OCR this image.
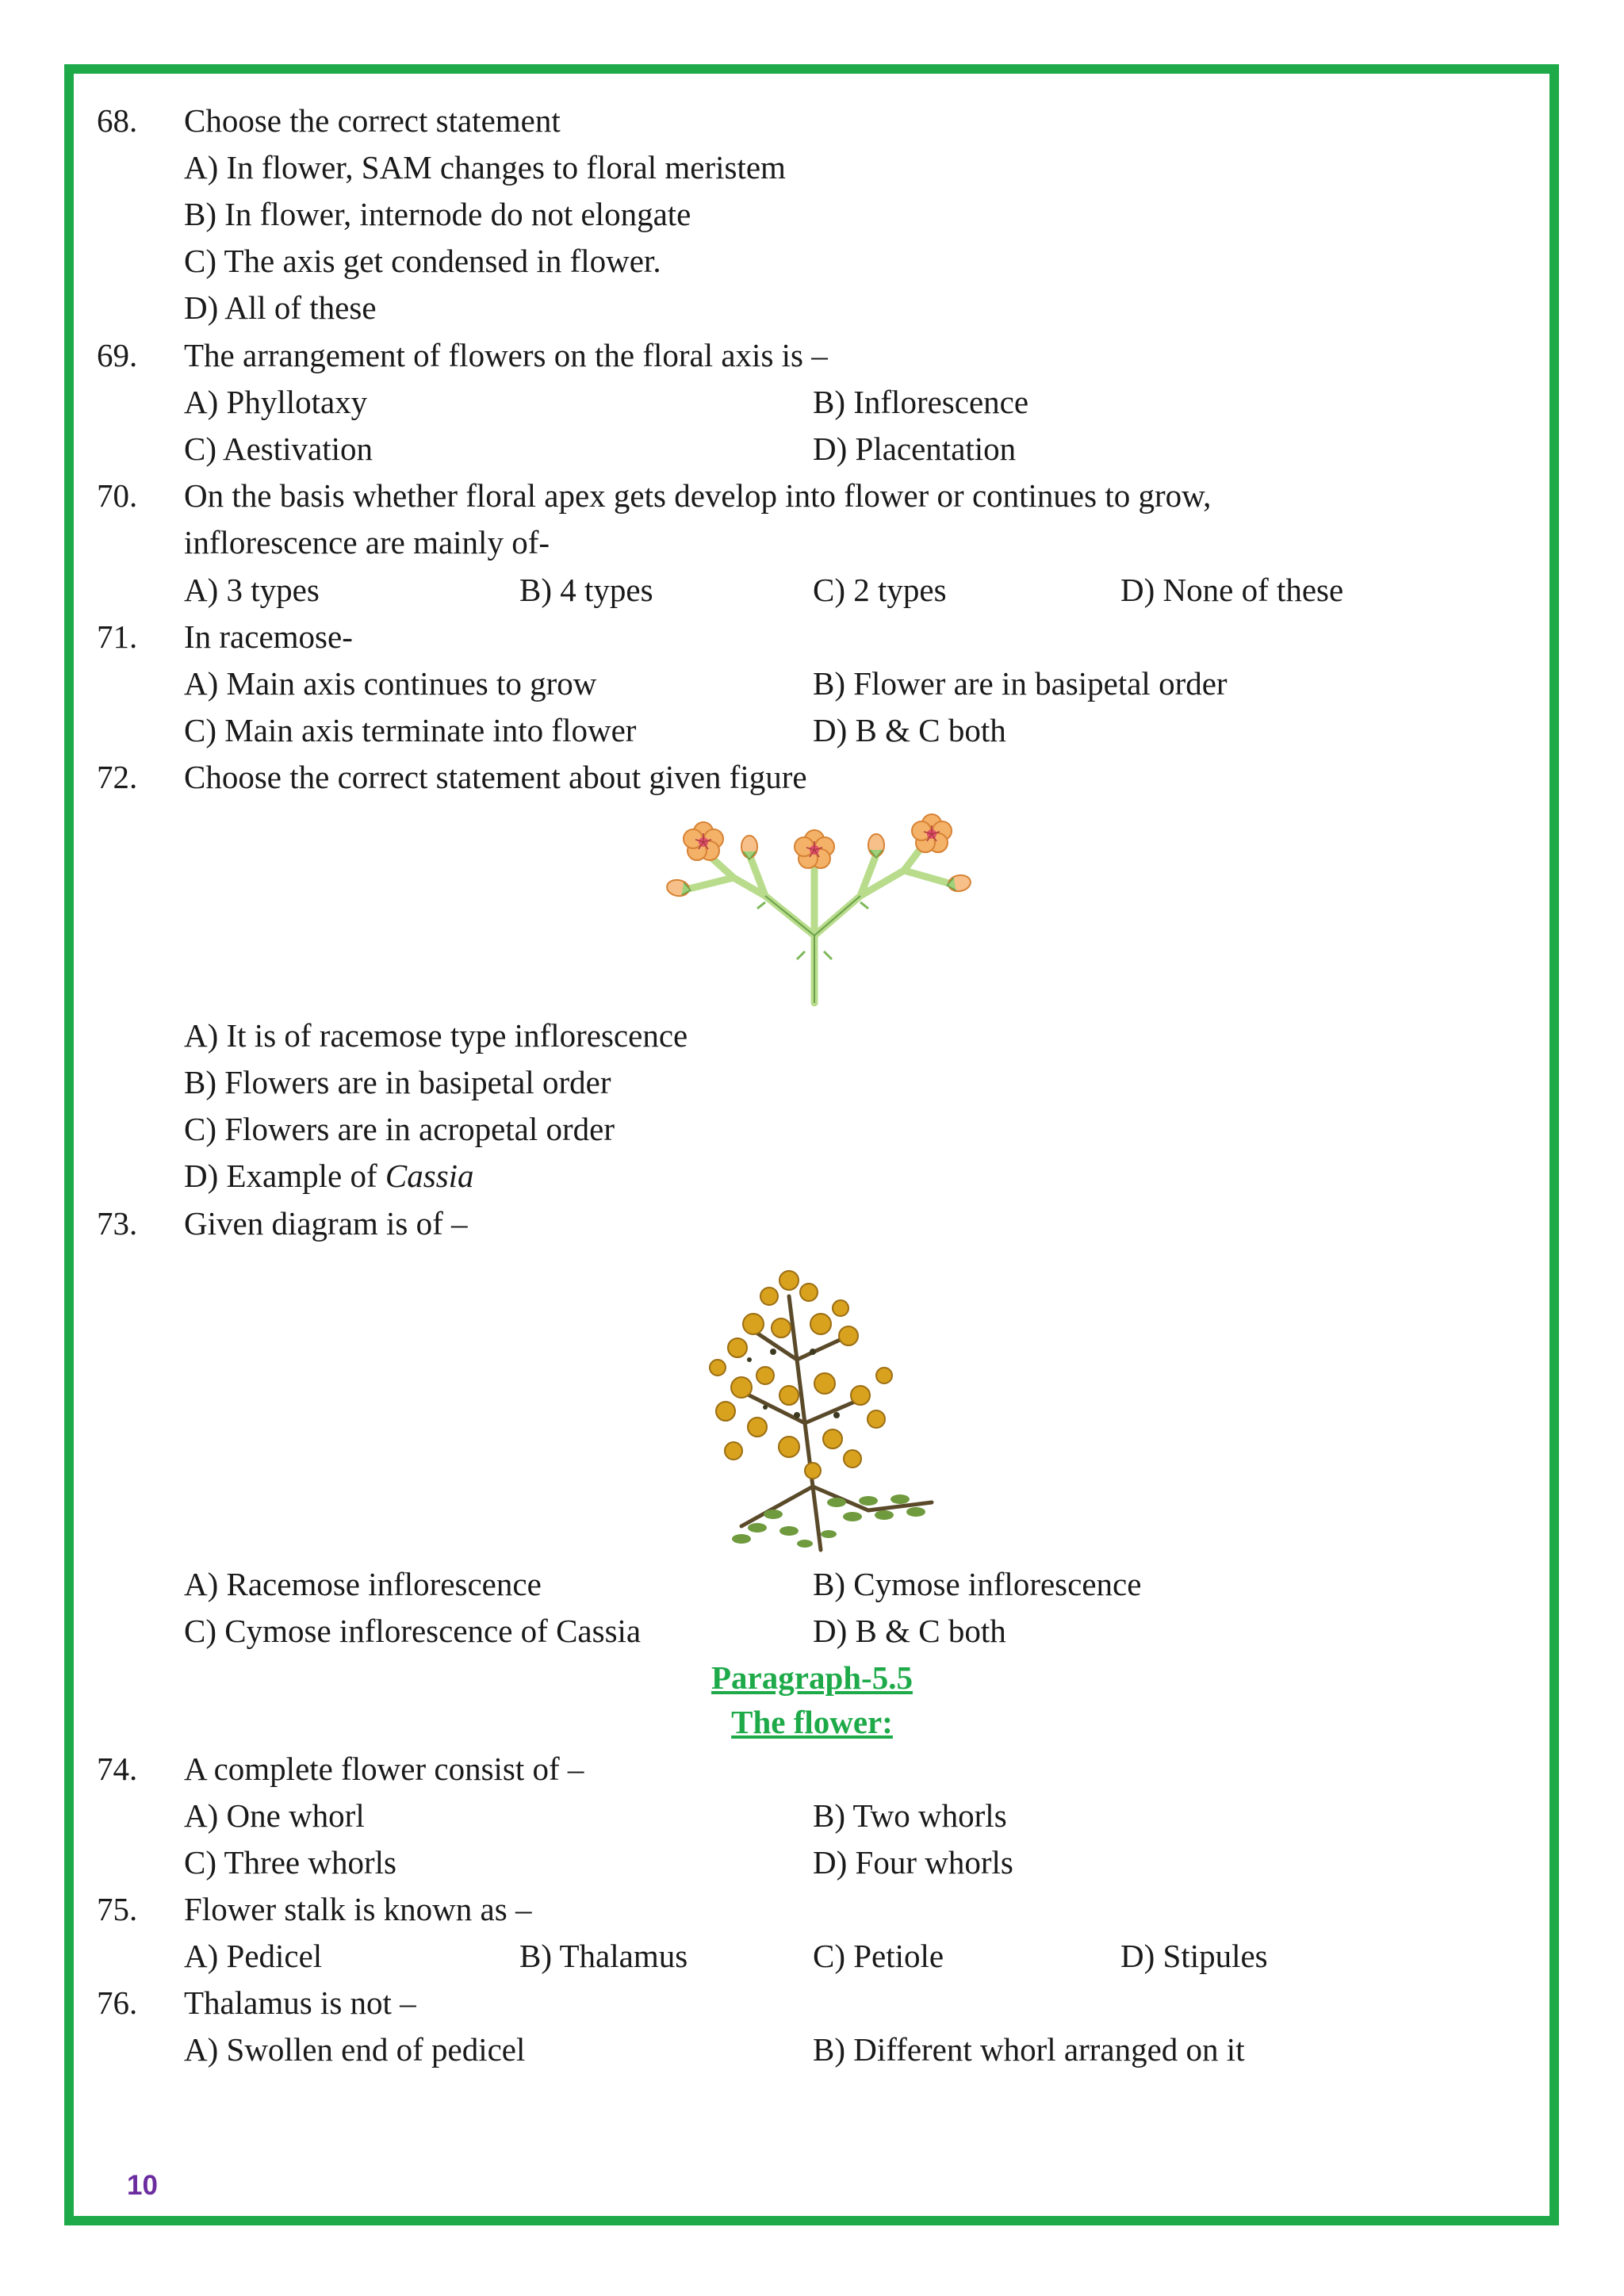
68. Choose the correct statement
A) In flower, SAM changes to floral meristem
B) In flower, internode do not elongate
C) The axis get condensed in flower.
D) All of these
69. The arrangement of flowers on the floral axis is –
A) Phyllotaxy	B) Inflorescence
C) Aestivation	D) Placentation
70. On the basis whether floral apex gets develop into flower or continues to grow,
inflorescence are mainly of-
A) 3 types	B) 4 types	C) 2 types	D) None of these
71. In racemose-
A) Main axis continues to grow	B) Flower are in basipetal order
C) Main axis terminate into flower	D) B & C both
72. Choose the correct statement about given figure
A) It is of racemose type inflorescence
B) Flowers are in basipetal order
C) Flowers are in acropetal order
D) Example of Cassia
73. Given diagram is of –
A) Racemose inflorescence	B) Cymose inflorescence
C) Cymose inflorescence of Cassia	D) B & C both
Paragraph-5.5
The flower:
74. A complete flower consist of –
A) One whorl	B) Two whorls
C) Three whorls	D) Four whorls
75. Flower stalk is known as –
A) Pedicel	B) Thalamus	C) Petiole	D) Stipules
76. Thalamus is not –
A) Swollen end of pedicel	B) Different whorl arranged on it
10
